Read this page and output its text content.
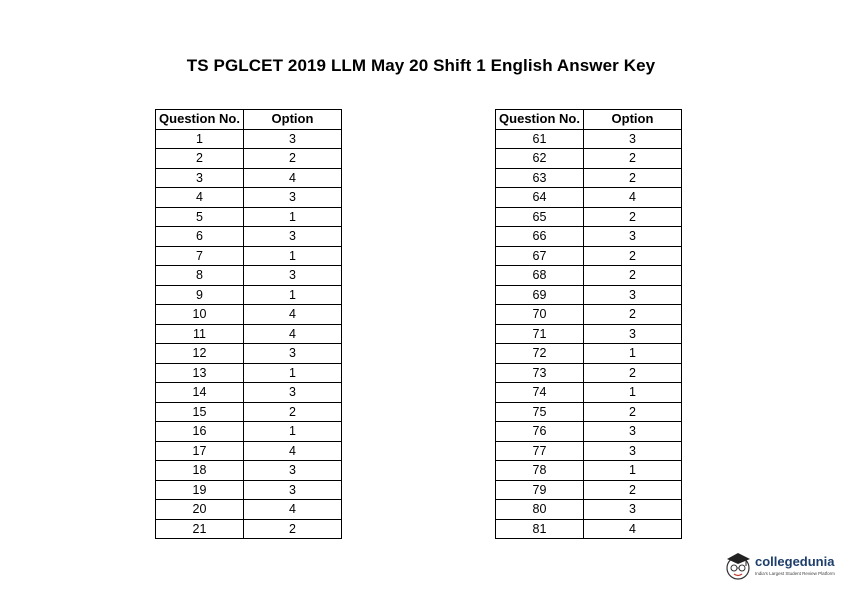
TS PGLCET 2019 LLM May 20 Shift 1 English Answer Key
Question No.	Option
1	3
2	2
3	4
4	3
5	1
6	3
7	1
8	3
9	1
10	4
11	4
12	3
13	1
14	3
15	2
16	1
17	4
18	3
19	3
20	4
21	2
Question No.	Option
61	3
62	2
63	2
64	4
65	2
66	3
67	2
68	2
69	3
70	2
71	3
72	1
73	2
74	1
75	2
76	3
77	3
78	1
79	2
80	3
81	4
collegedunia
India's Largest Student Review Platform
